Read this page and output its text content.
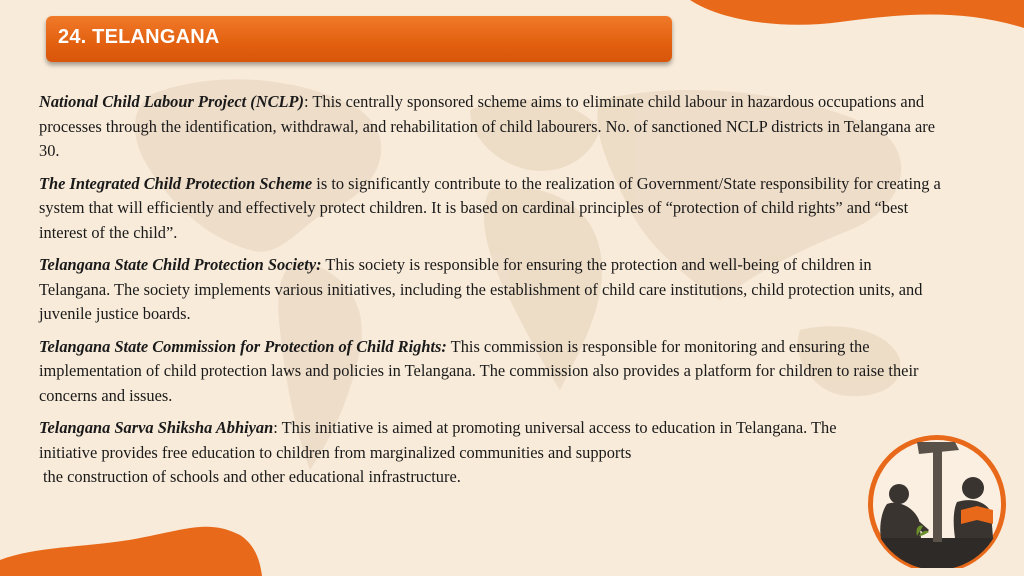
24. TELANGANA

National Child Labour Project (NCLP): This centrally sponsored scheme aims to eliminate child labour in hazardous occupations and processes through the identification, withdrawal, and rehabilitation of child labourers. No. of sanctioned NCLP districts in Telangana are 30.

The Integrated Child Protection Scheme is to significantly contribute to the realization of Government/State responsibility for creating a system that will efficiently and effectively protect children. It is based on cardinal principles of “protection of child rights” and “best interest of the child”.

Telangana State Child Protection Society: This society is responsible for ensuring the protection and well-being of children in Telangana. The society implements various initiatives, including the establishment of child care institutions, child protection units, and juvenile justice boards.

Telangana State Commission for Protection of Child Rights: This commission is responsible for monitoring and ensuring the implementation of child protection laws and policies in Telangana. The commission also provides a platform for children to raise their concerns and issues.

Telangana Sarva Shiksha Abhiyan: This initiative is aimed at promoting universal access to education in Telangana. The initiative provides free education to children from marginalized communities and supports
the construction of schools and other educational infrastructure.
